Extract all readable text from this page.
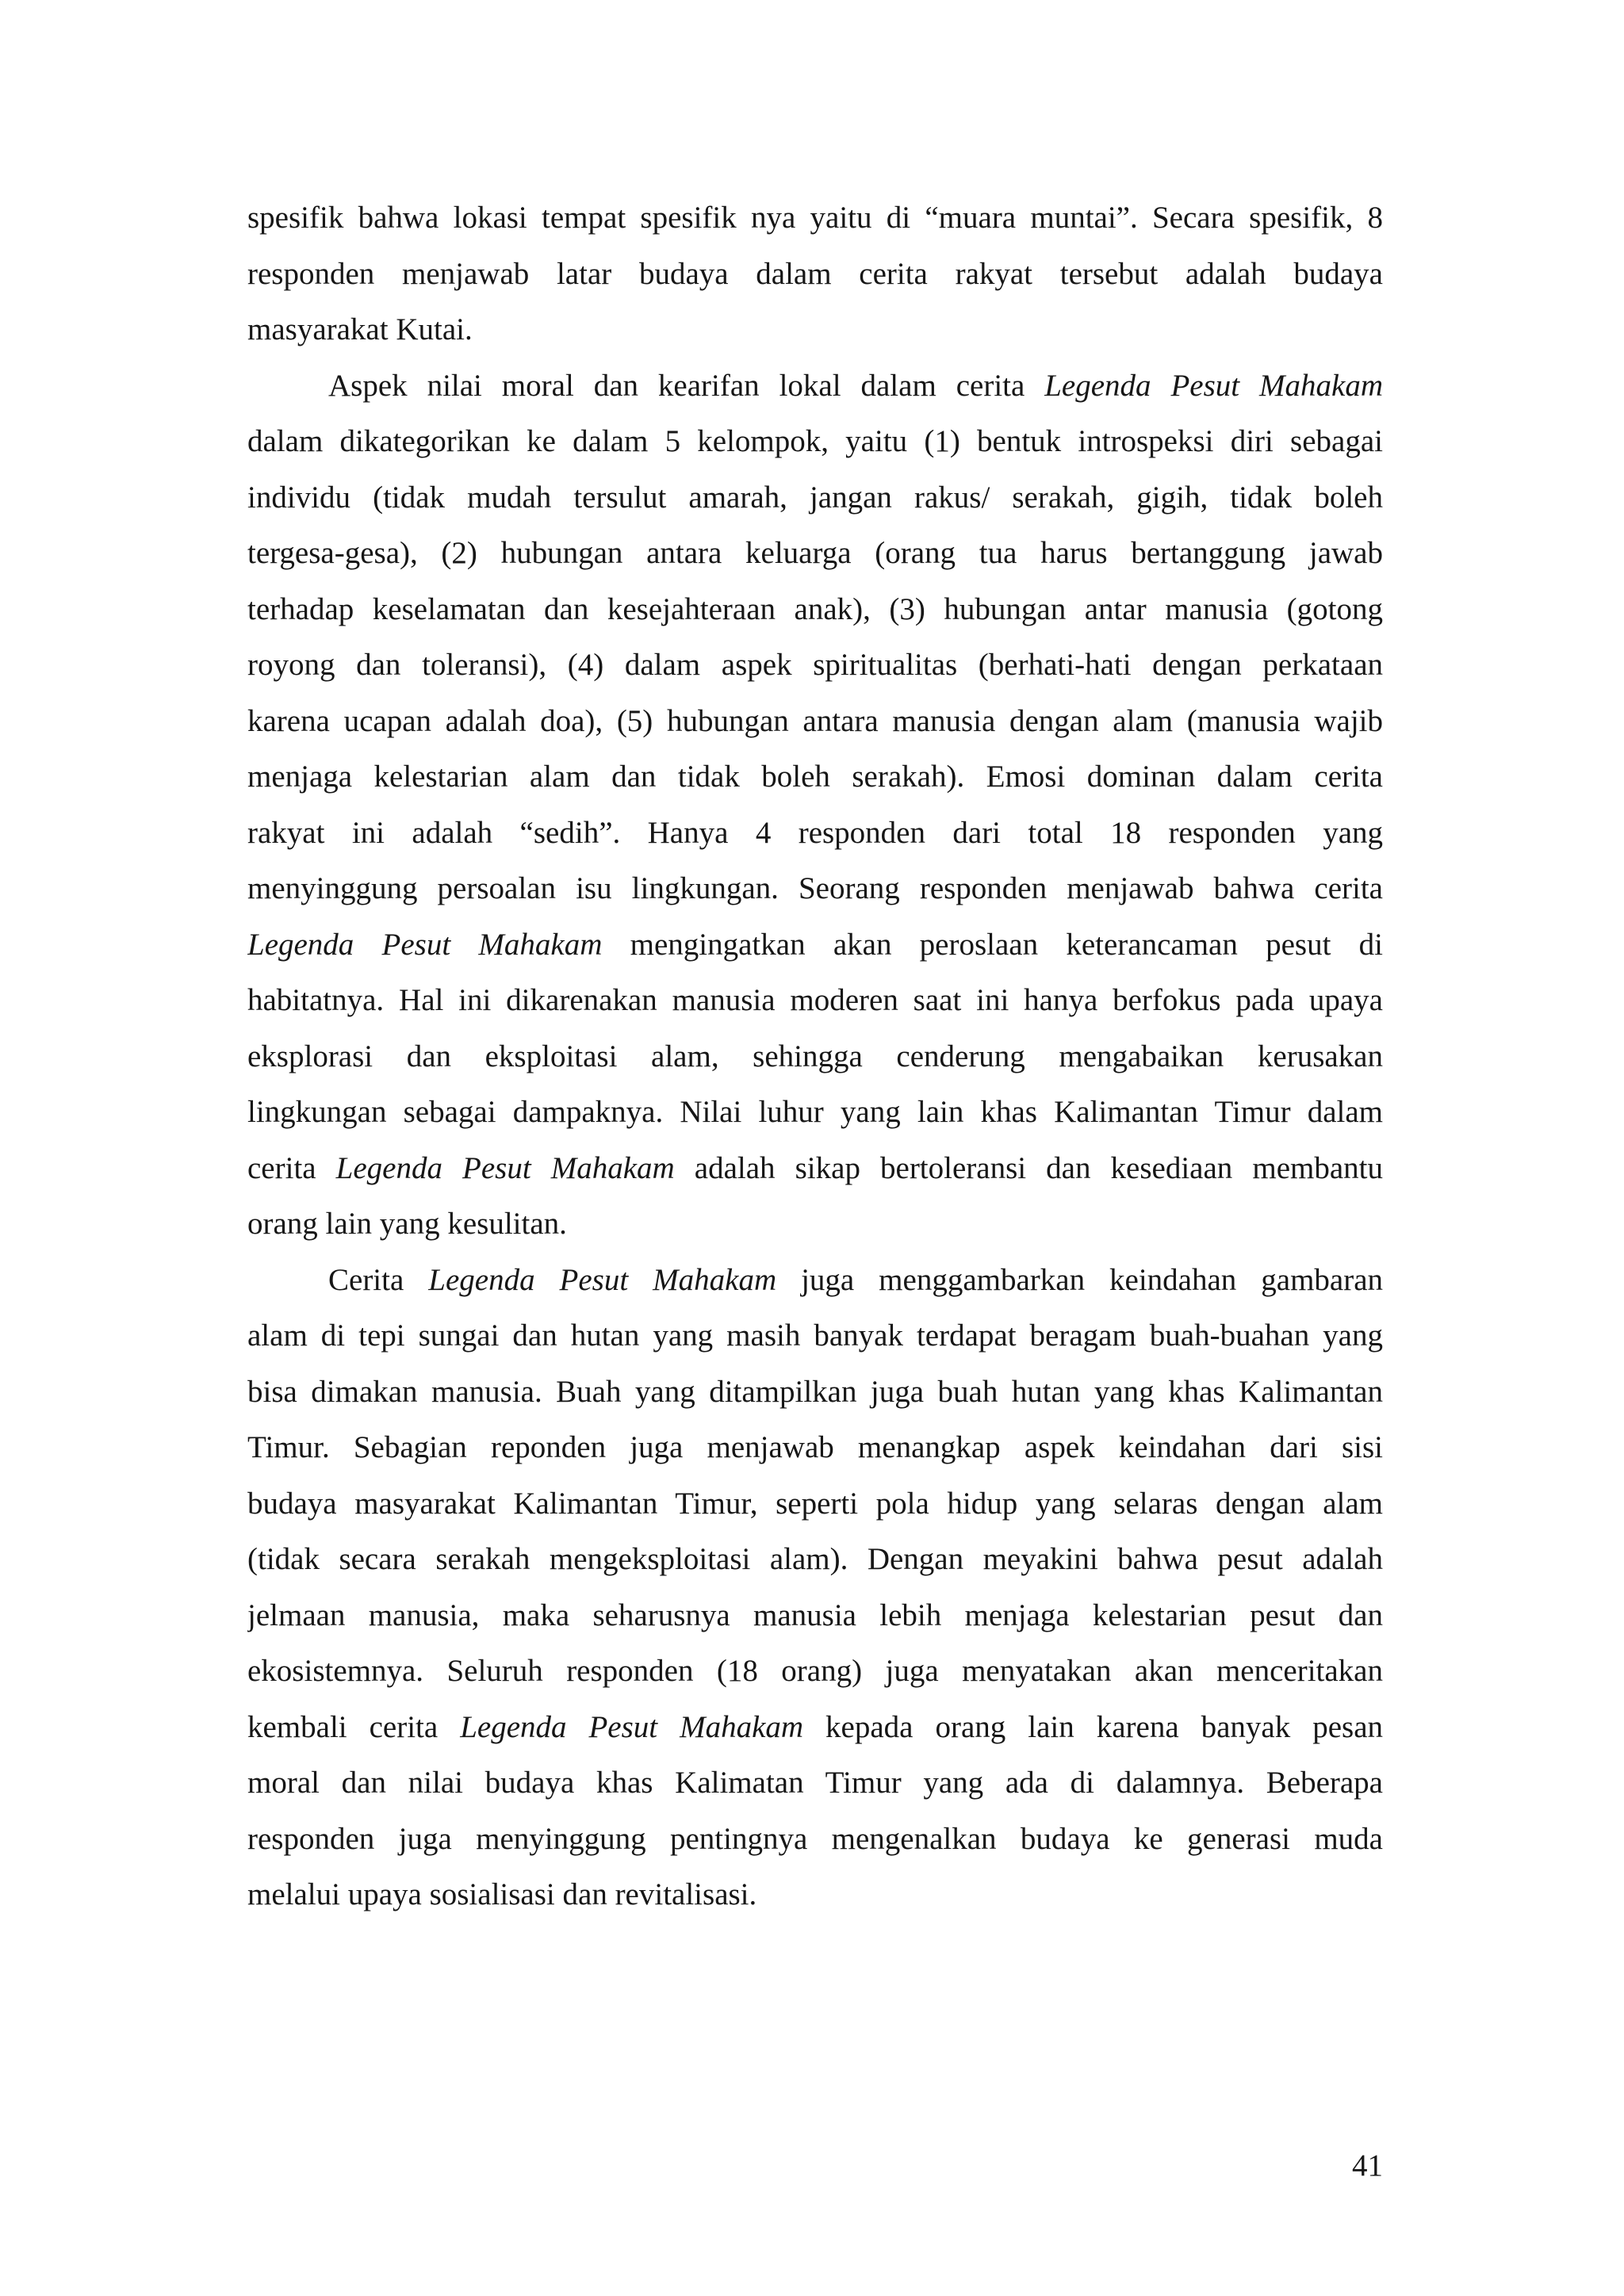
spesifik bahwa lokasi tempat spesifik nya yaitu di “muara muntai”. Secara spesifik, 8
responden menjawab latar budaya dalam cerita rakyat tersebut adalah budaya
masyarakat Kutai.
Aspek nilai moral dan kearifan lokal dalam cerita Legenda Pesut Mahakam
dalam dikategorikan ke dalam 5 kelompok, yaitu (1) bentuk introspeksi diri sebagai
individu (tidak mudah tersulut amarah, jangan rakus/ serakah, gigih, tidak boleh
tergesa-gesa), (2) hubungan antara keluarga (orang tua harus bertanggung jawab
terhadap keselamatan dan kesejahteraan anak), (3) hubungan antar manusia (gotong
royong dan toleransi), (4) dalam aspek spiritualitas (berhati-hati dengan perkataan
karena ucapan adalah doa), (5) hubungan antara manusia dengan alam (manusia wajib
menjaga kelestarian alam dan tidak boleh serakah). Emosi dominan dalam cerita
rakyat ini adalah “sedih”. Hanya 4 responden dari total 18 responden yang
menyinggung persoalan isu lingkungan. Seorang responden menjawab bahwa cerita
Legenda Pesut Mahakam mengingatkan akan peroslaan keterancaman pesut di
habitatnya. Hal ini dikarenakan manusia moderen saat ini hanya berfokus pada upaya
eksplorasi dan eksploitasi alam, sehingga cenderung mengabaikan kerusakan
lingkungan sebagai dampaknya. Nilai luhur yang lain khas Kalimantan Timur dalam
cerita Legenda Pesut Mahakam adalah sikap bertoleransi dan kesediaan membantu
orang lain yang kesulitan.
Cerita Legenda Pesut Mahakam juga menggambarkan keindahan gambaran
alam di tepi sungai dan hutan yang masih banyak terdapat beragam buah-buahan yang
bisa dimakan manusia. Buah yang ditampilkan juga buah hutan yang khas Kalimantan
Timur. Sebagian reponden juga menjawab menangkap aspek keindahan dari sisi
budaya masyarakat Kalimantan Timur, seperti pola hidup yang selaras dengan alam
(tidak secara serakah mengeksploitasi alam). Dengan meyakini bahwa pesut adalah
jelmaan manusia, maka seharusnya manusia lebih menjaga kelestarian pesut dan
ekosistemnya. Seluruh responden (18 orang) juga menyatakan akan menceritakan
kembali cerita Legenda Pesut Mahakam kepada orang lain karena banyak pesan
moral dan nilai budaya khas Kalimatan Timur yang ada di dalamnya. Beberapa
responden juga menyinggung pentingnya mengenalkan budaya ke generasi muda
melalui upaya sosialisasi dan revitalisasi.
41
